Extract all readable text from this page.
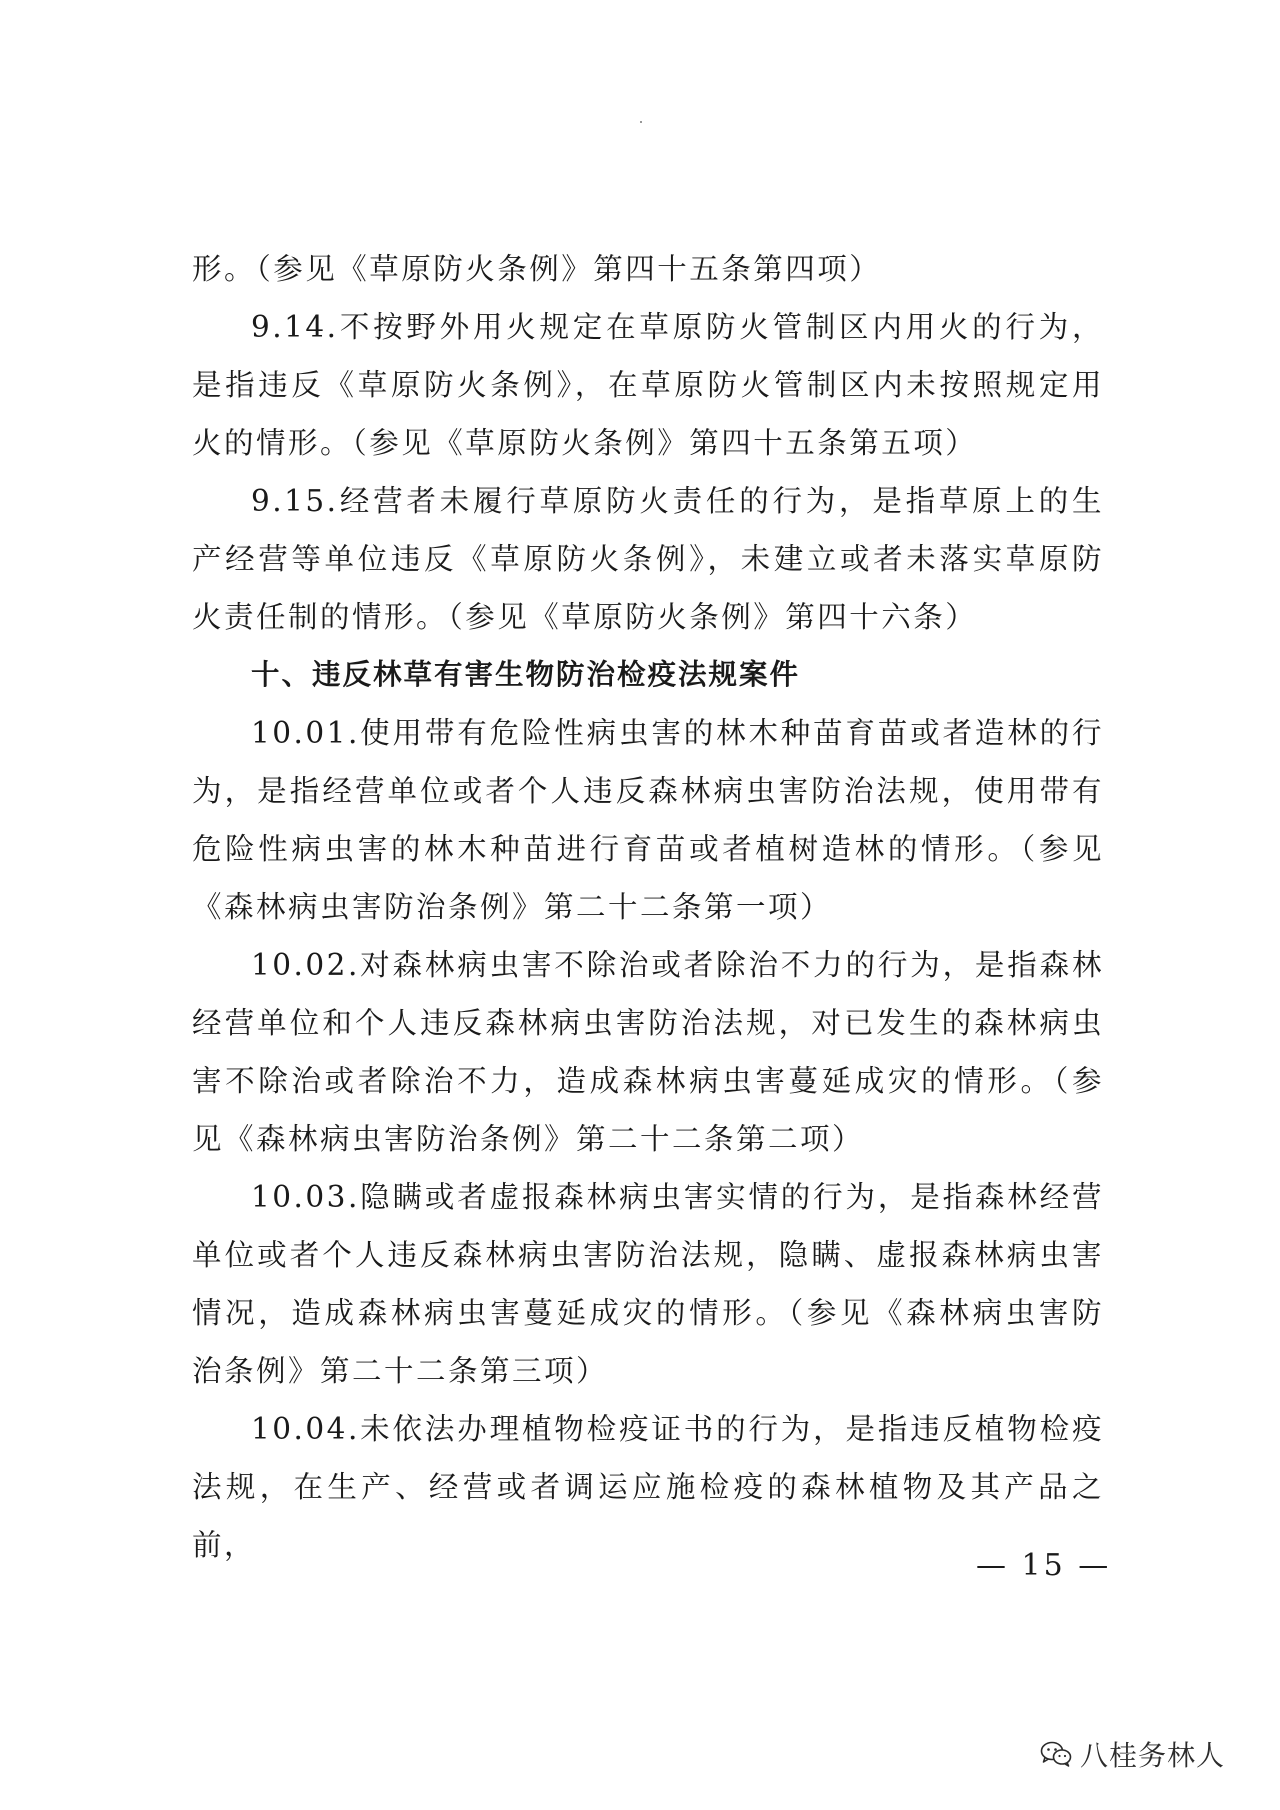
形。（参见《草原防火条例》第四十五条第四项）

9.14.不按野外用火规定在草原防火管制区内用火的行为，是指违反《草原防火条例》，在草原防火管制区内未按照规定用火的情形。（参见《草原防火条例》第四十五条第五项）

9.15.经营者未履行草原防火责任的行为，是指草原上的生产经营等单位违反《草原防火条例》，未建立或者未落实草原防火责任制的情形。（参见《草原防火条例》第四十六条）

十、违反林草有害生物防治检疫法规案件

10.01.使用带有危险性病虫害的林木种苗育苗或者造林的行为，是指经营单位或者个人违反森林病虫害防治法规，使用带有危险性病虫害的林木种苗进行育苗或者植树造林的情形。（参见《森林病虫害防治条例》第二十二条第一项）

10.02.对森林病虫害不除治或者除治不力的行为，是指森林经营单位和个人违反森林病虫害防治法规，对已发生的森林病虫害不除治或者除治不力，造成森林病虫害蔓延成灾的情形。（参见《森林病虫害防治条例》第二十二条第二项）

10.03.隐瞒或者虚报森林病虫害实情的行为，是指森林经营单位或者个人违反森林病虫害防治法规，隐瞒、虚报森林病虫害情况，造成森林病虫害蔓延成灾的情形。（参见《森林病虫害防治条例》第二十二条第三项）

10.04.未依法办理植物检疫证书的行为，是指违反植物检疫法规，在生产、经营或者调运应施检疫的森林植物及其产品之前，

— 15 —
八桂务林人
